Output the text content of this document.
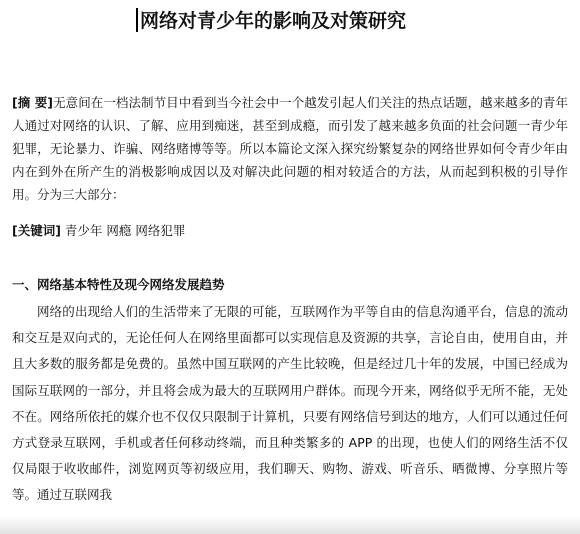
网络对青少年的影响及对策研究
[摘 要]无意间在一档法制节目中看到当今社会中一个越发引起人们关注的热点话题，越来越多的青年人通过对网络的认识、了解、应用到痴迷，甚至到成瘾，而引发了越来越多负面的社会问题一青少年犯罪，无论暴力、诈骗、网络赌博等等。所以本篇论文深入探究纷繁复杂的网络世界如何令青少年由内在到外在所产生的消极影响成因以及对解决此问题的相对较适合的方法，从而起到积极的引导作用。分为三大部分：
[关键词] 青少年 网瘾 网络犯罪
一、网络基本特性及现今网络发展趋势
网络的出现给人们的生活带来了无限的可能，互联网作为平等自由的信息沟通平台，信息的流动和交互是双向式的，无论任何人在网络里面都可以实现信息及资源的共享，言论自由，使用自由，并且大多数的服务都是免费的。虽然中国互联网的产生比较晚，但是经过几十年的发展，中国已经成为国际互联网的一部分，并且将会成为最大的互联网用户群体。而现今开来，网络似乎无所不能，无处不在。网络所依托的媒介也不仅仅只限制于计算机，只要有网络信号到达的地方，人们可以通过任何方式登录互联网，手机或者任何移动终端，而且种类繁多的 APP 的出现，也使人们的网络生活不仅仅局限于收收邮件，浏览网页等初级应用，我们聊天、购物、游戏、听音乐、晒微博、分享照片等等。通过互联网我
